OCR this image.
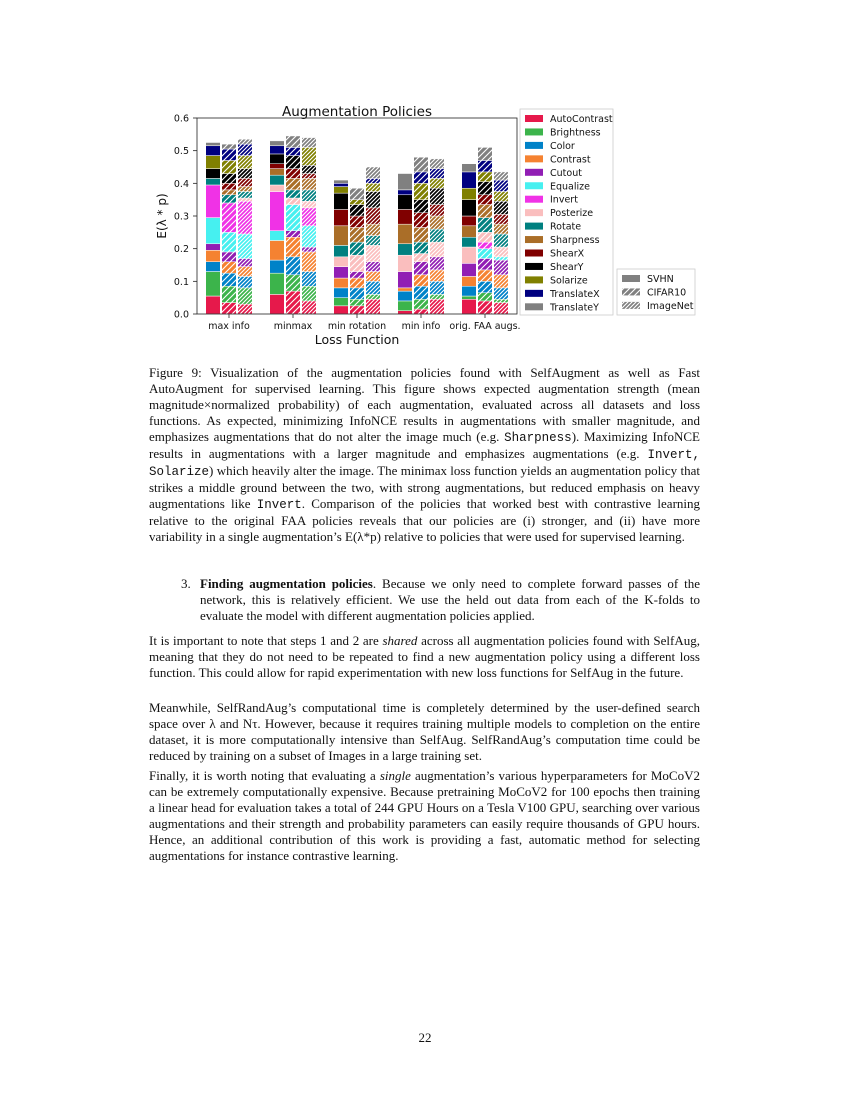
Augmentation Policies
E(λ * p)
Loss Function
0.0
0.1
0.2
0.3
0.4
0.5
0.6
max info	minmax min rotation min info orig. FAA augs.
AutoContrast
Brightness
Color
Contrast
Cutout
Equalize
Invert
Posterize
Rotate
Sharpness
ShearX
ShearY
Solarize
TranslateX
TranslateY
SVHN
CIFAR10
ImageNet

Figure 9: Visualization of the augmentation policies found with SelfAugment as well as Fast AutoAugment for supervised learning. This figure shows expected augmentation strength (mean magnitude×normalized probability) of each augmentation, evaluated across all datasets and loss functions. As expected, minimizing InfoNCE results in augmentations with smaller magnitude, and emphasizes augmentations that do not alter the image much (e.g. Sharpness). Maximizing InfoNCE results in augmentations with a larger magnitude and emphasizes augmentations (e.g. Invert, Solarize) which heavily alter the image. The minimax loss function yields an augmentation policy that strikes a middle ground between the two, with strong augmentations, but reduced emphasis on heavy augmentations like Invert. Comparison of the policies that worked best with contrastive learning relative to the original FAA policies reveals that our policies are (i) stronger, and (ii) have more variability in a single augmentation’s E(λ*p) relative to policies that were used for supervised learning.

3. Finding augmentation policies. Because we only need to complete forward passes of the network, this is relatively efficient. We use the held out data from each of the K-folds to evaluate the model with different augmentation policies applied.

It is important to note that steps 1 and 2 are shared across all augmentation policies found with SelfAug, meaning that they do not need to be repeated to find a new augmentation policy using a different loss function. This could allow for rapid experimentation with new loss functions for SelfAug in the future.

Meanwhile, SelfRandAug’s computational time is completely determined by the user-defined search space over λ and Nτ. However, because it requires training multiple models to completion on the entire dataset, it is more computationally intensive than SelfAug. SelfRandAug’s computation time could be reduced by training on a subset of Images in a large training set.

Finally, it is worth noting that evaluating a single augmentation’s various hyperparameters for MoCoV2 can be extremely computationally expensive. Because pretraining MoCoV2 for 100 epochs then training a linear head for evaluation takes a total of 244 GPU Hours on a Tesla V100 GPU, searching over various augmentations and their strength and probability parameters can easily require thousands of GPU hours. Hence, an additional contribution of this work is providing a fast, automatic method for selecting augmentations for instance contrastive learning.

22
